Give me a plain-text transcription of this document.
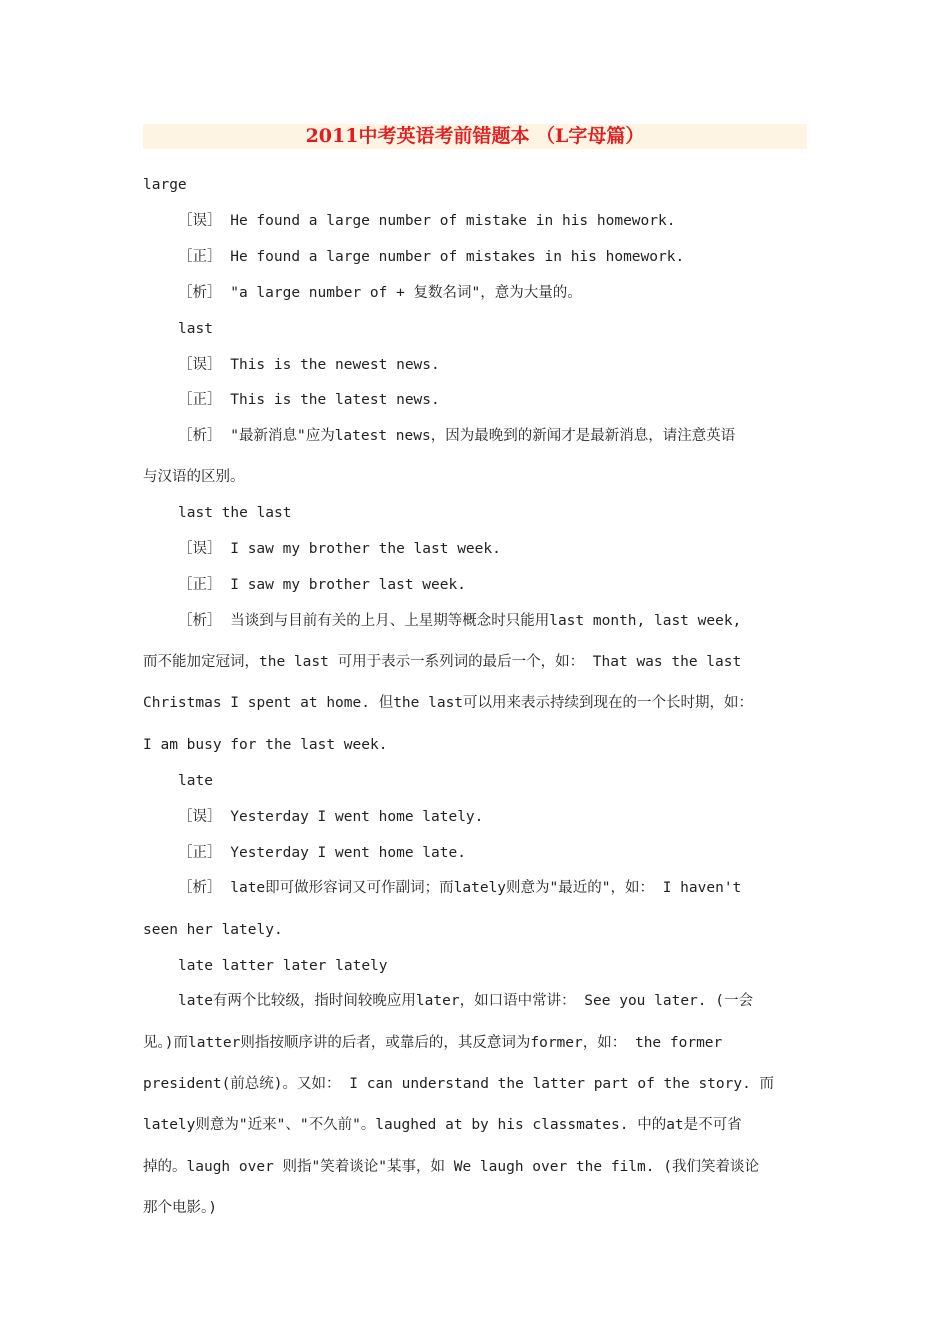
2011中考英语考前错题本 （L字母篇）
large
［误］ He found a large number of mistake in his homework.
［正］ He found a large number of mistakes in his homework.
［析］ "a large number of + 复数名词"，意为大量的。
last
［误］ This is the newest news.
［正］ This is the latest news.
［析］ "最新消息"应为latest news，因为最晚到的新闻才是最新消息，请注意英语
与汉语的区别。
last the last
［误］ I saw my brother the last week.
［正］ I saw my brother last week.
［析］ 当谈到与目前有关的上月、上星期等概念时只能用last month, last week,
而不能加定冠词，the last 可用于表示一系列词的最后一个，如： That was the last
Christmas I spent at home. 但the last可以用来表示持续到现在的一个长时期，如：
I am busy for the last week.
late
［误］ Yesterday I went home lately.
［正］ Yesterday I went home late.
［析］ late即可做形容词又可作副词；而lately则意为"最近的"，如： I haven't
seen her lately.
late latter later lately
late有两个比较级，指时间较晚应用later，如口语中常讲： See you later. (一会
见。)而latter则指按顺序讲的后者，或靠后的，其反意词为former，如： the former
president(前总统)。又如： I can understand the latter part of the story. 而
lately则意为"近来"、"不久前"。laughed at by his classmates. 中的at是不可省
掉的。laugh over 则指"笑着谈论"某事，如 We laugh over the film. (我们笑着谈论
那个电影。)
